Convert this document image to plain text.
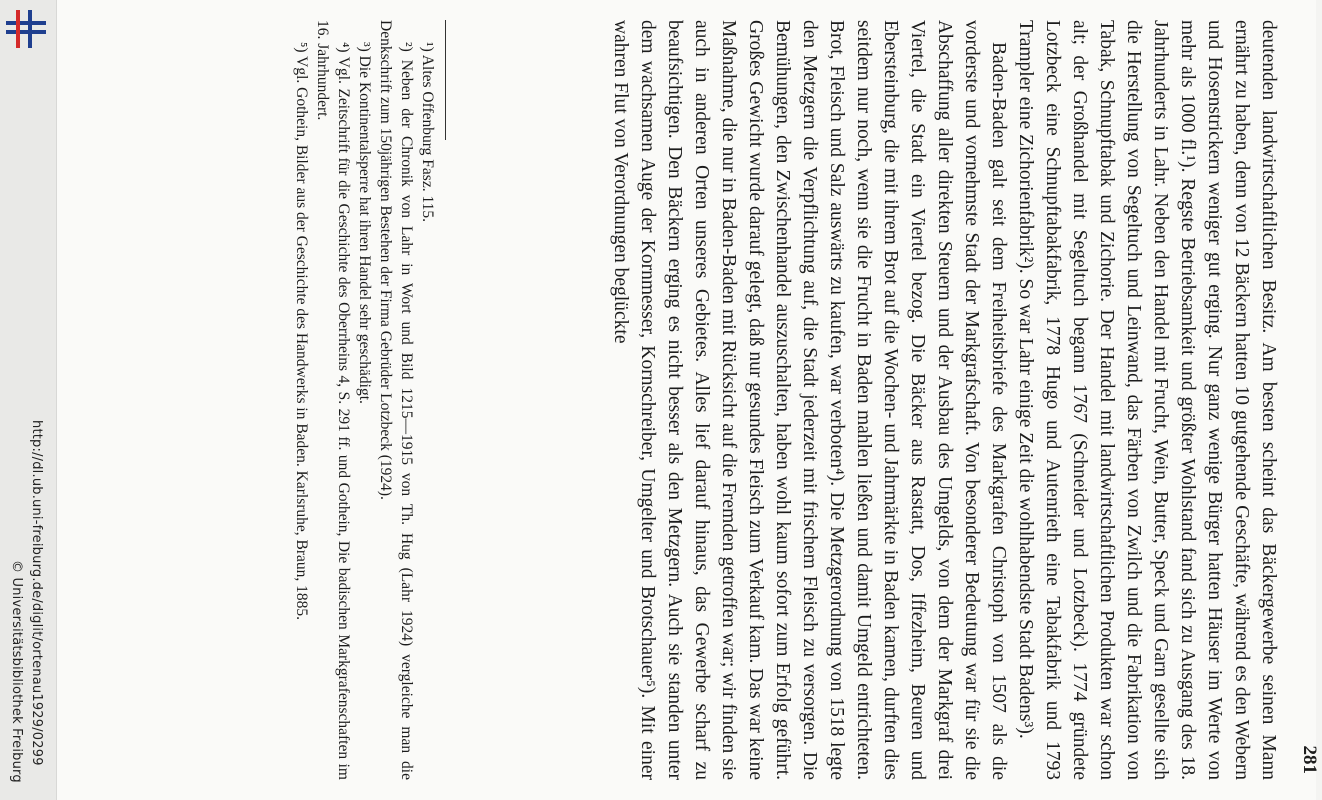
http://dl.ub.uni-freiburg.de/diglit/ortenau1929/0299
© Universitätsbibliothek Freiburg	281

deutenden landwirtschaftlichen Besitz. Am besten scheint das Bäckergewerbe seinen Mann ernährt zu haben, denn von 12 Bäckern hatten 10 gutgehende Geschäfte, während es den Webern und Hosenstrickern weniger gut erging. Nur ganz wenige Bürger hatten Häuser im Werte von mehr als 1000 fl.¹). Regste Betriebsamkeit und größter Wohlstand fand sich zu Ausgang des 18. Jahrhunderts in Lahr. Neben den Handel mit Frucht, Wein, Butter, Speck und Garn gesellte sich die Herstellung von Segeltuch und Leinwand, das Färben von Zwilch und die Fabrikation von Tabak, Schnupftabak und Zichorie. Der Handel mit landwirtschaftlichen Produkten war schon alt; der Großhandel mit Segeltuch begann 1767 (Schneider und Lotzbeck). 1774 gründete Lotzbeck eine Schnupftabakfabrik, 1778 Hugo und Autenrieth eine Tabakfabrik und 1793 Trampler eine Zichorienfabrik²). So war Lahr einige Zeit die wohlhabendste Stadt Badens³).

Baden-Baden galt seit dem Freiheitsbriefe des Markgrafen Christoph von 1507 als die vorderste und vornehmste Stadt der Markgrafschaft. Von besonderer Bedeutung war für sie die Abschaffung aller direkten Steuern und der Ausbau des Umgelds, von dem der Markgraf drei Viertel, die Stadt ein Viertel bezog. Die Bäcker aus Rastatt, Dos, Iffezheim, Beuren und Ebersteinburg, die mit ihrem Brot auf die Wochen- und Jahrmärkte in Baden kamen, durften dies seitdem nur noch, wenn sie die Frucht in Baden mahlen ließen und damit Umgeld entrichteten. Brot, Fleisch und Salz auswärts zu kaufen, war verboten⁴). Die Metzgerordnung von 1518 legte den Metzgern die Verpflichtung auf, die Stadt jederzeit mit frischem Fleisch zu versorgen. Die Bemühungen, den Zwischenhandel auszuschalten, haben wohl kaum sofort zum Erfolg geführt. Großes Gewicht wurde darauf gelegt, daß nur gesundes Fleisch zum Verkauf kam. Das war keine Maßnahme, die nur in Baden-Baden mit Rücksicht auf die Fremden getroffen war; wir finden sie auch in anderen Orten unseres Gebietes. Alles lief darauf hinaus, das Gewerbe scharf zu beaufsichtigen. Den Bäckern erging es nicht besser als den Metzgern. Auch sie standen unter dem wachsamen Auge der Kornmesser, Kornschreiber, Umgelter und Brotschauer⁵). Mit einer wahren Flut von Verordnungen beglückte

¹) Altes Offenburg Fasz. 115.
²) Neben der Chronik von Lahr in Wort und Bild 1215—1915 von Th. Hug (Lahr 1924) vergleiche man die Denkschrift zum 150jährigen Bestehen der Firma Gebrüder Lotzbeck (1924).
³) Die Kontinentalsperre hat ihren Handel sehr geschädigt.
⁴) Vgl. Zeitschrift für die Geschichte des Oberrheins 4, S. 291 ff. und Gothein, Die badischen Markgrafenschaften im 16. Jahrhundert.
⁵) Vgl. Gothein, Bilder aus der Geschichte des Handwerks in Baden. Karlsruhe, Braun, 1885.
